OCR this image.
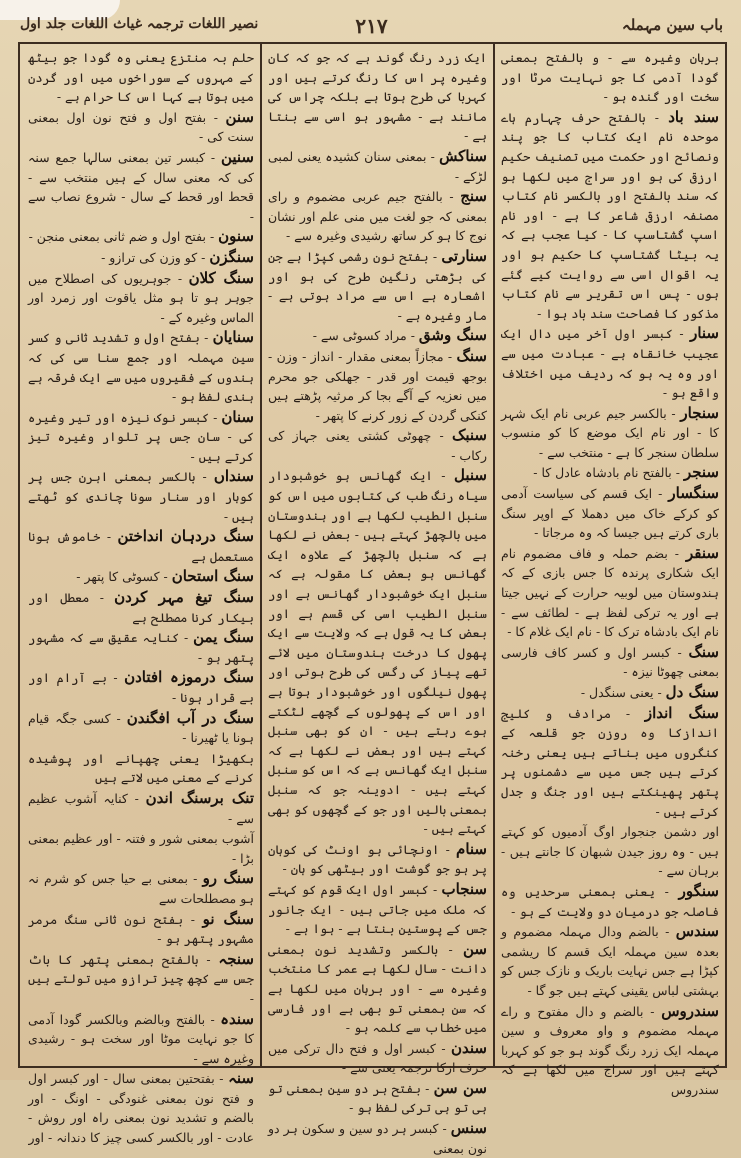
باب سین مہملہ
۲۱۷
نصیر اللغات ترجمہ غیاث اللغات جلد اول
برہان وغیرہ سے - و بالفتح بمعنی گودا آدمی کا جو نہایت مرٹا اور سخت اور گندہ ہو -
سند باد - بالفتح حرف چہارم ہاے موحدہ نام ایک کتاب کا جو پند ونصائح اور حکمت میں تصنیف حکیم ارزقی کی ہو اور سراج میں لکھا ہو کہ سند بالفتح اور بالکسر نام کتاب مصنفہ ارزقی شاعر کا ہے - اور نام اسپ گشتاسپ کا - کیا عجب ہے کہ یہ بیٹا گشتاسپ کا حکیم ہو اور یہ اقوال اسی سے روایت کیے گئے ہوں - پس اس تقریر سے نام کتاب مذکور کا فصاحت سند باد ہوا -
سنار - کبسر اول آخر میں دال ایک عجیب خانقاہ ہے - عبادت میں سے اور وہ یہ ہو کہ ردیف میں اختلاف واقع ہو -
سنجار - بالکسر جیم عربی نام ایک شہر کا - اور نام ایک موضع کا کو منسوب سلطان سنجر کا ہے - منتخب سے -
سنجر - بالفتح نام بادشاہ عادل کا -
سنگسار - ایک قسم کی سیاست آدمی کو کرکے خاک میں دھملا کے اوپر سنگ باری کرتے ہیں جیسا کہ وہ مرجاتا -
سنقر - بضم حملہ و فاف مضموم نام ایک شکاری پرندہ کا جس بازی کے کہ ہندوستان میں لوبیہ حرارت کے نہیں جیتا ہے اور یہ ترکی لفظ ہے - لطائف سے - نام ایک بادشاہ ترک کا - نام ایک غلام کا -
سنگ - کبسر اول و کسر کاف فارسی بمعنی چھوٹا نیزہ -
سنگ دل - یعنی سنگدل -
سنگ انداز - مرادف و کلیج اندازکا وہ روزن جو قلعہ کے کنگروں میں بناتے ہیں یعنی رخنہ کرتے ہیں جس میں سے دشمنوں پر پتھر پھینکتے ہیں اور جنگ و جدل کرتے ہیں -
اور دشمن جنجوار اوگ آدمیوں کو کہتے ہیں - وہ روز جیدن شبھان کا جانتے ہیں - برہان سے -
سنگور - یعنی بمعنی سرحدیں وہ فاصلہ جو درمیان دو ولایت کے ہو -
سندس - بالضم ودال مہملہ مضموم و بعدہ سین مہملہ ایک قسم کا ریشمی کپڑا ہے جس نہایت باریک و نازک جس کو بہشتی لباس یقینی کہتے ہیں جو گا -
سندروس - بالضم و دال مفتوح و راے مہملہ مضموم و واو معروف و سین مہملہ ایک زرد رنگ گوند ہو جو کو کہربا کہتے ہیں اور سراج میں لکھا ہے کہ سندروس
ایک زرد رنگ گوند ہے کہ جو کہ کان وغیرہ پر اس کا رنگ کرتے ہیں اور کہربا کی طرح ہوتا ہے بلکہ چراس کی مانند ہے - مشہور ہو اسی سے بنتا ہے -
سناکش - بمعنی سنان کشیدہ یعنی لمبی لڑکے -
سنج - بالفتح جیم عربی مضموم و رای بمعنی کہ جو لغت میں منی علم اور نشان نوج کا ہو کر ساتھ رشیدی وغیرہ سے -
سنارتی - بفتح نون رشمی کپڑا ہے جن کی بڑھتی رنگین طرح کی ہو اور اشعارہ ہے اس سے مراد ہوتی ہے - مار وغیرہ ہے -
سنگ وشق - مراد کسوٹی سے -
سنگ - مجازاً بمعنی مقدار - انداز - وزن - بوجھ قیمت اور قدر - جھلکی جو محرم میں نعزیہ کے آگے بجا کر مرثیہ پڑھتے ہیں کنکی گردن کے زور کرنے کا پتھر -
سنبک - چھوٹی کشتی یعنی جہاز کی رکاب -
سنبل - ایک گھانس ہو خوشبودار سیاہ رنگ طب کی کتابوں میں اس کو سنبل الطیب لکھا ہے اور ہندوستان میں بالچھڑ کہتے ہیں - بعض نے لکھا ہے کہ سنبل بالچھڑ کے علاوہ ایک گھانس ہو بعض کا مقولہ ہے کہ سنبل ایک خوشبودار گھانس ہے اور سنبل الطیب اسی کی قسم ہے اور بعض کا یہ قول ہے کہ ولایت سے ایک پھول کا درخت ہندوستان میں لائے تھے پیاز کی رگس کی طرح ہوتی اور پھول نیلگوں اور خوشبودار ہوتا ہے اور اس کے پھولوں کے گچھے لٹکتے ہوے رہتے ہیں - ان کو بھی سنبل کہتے ہیں اور بعض نے لکھا ہے کہ سنبل ایک گھانس ہے کہ اس کو سنبل کہتے ہیں - ادوینہ جو کہ سنبل بمعنی بالیں اور جو کے گچھوں کو بھی کہتے ہیں -
سنام - اونچائی ہو اونٹ کی کوہان پر ہو جو گوشت اور بیٹھی کو ہان -
سنجاب - کبسر اول ایک قوم کو کہتے کہ ملک میں جاتی ہیں - ایک جانور جس کے پوستین بنتا ہے - ہوا ہے -
سن - بالکسر وتشدید نون بمعنی دانت - سال لکھا ہے عمر کا منتخب وغیرہ سے - اور برہان میں لکھا ہے کہ سن بمعنی تو بھی ہے اور فارسی میں خطاب سے کلمہ ہو -
سندن - کبسر اول و فتح دال ترکی میں حرف ازکا ترجمہ یعنی سے -
سن سن - بفتح ہر دو سین بمعنی تو ہی تو ہی ترکی لفظ ہو -
سنس - کبسر ہر دو سین و سکون ہر دو نون بمعنی
حلم بہ منتزع یعنی وہ گودا جو بیٹھ کے مہروں کے سوراخوں میں اور گردن میں ہوتا ہے کہا اس کا حرام ہے -
سنن - بفتح اول و فتح نون اول بمعنی سنت کی -
سنین - کبسر تین بمعنی سالہا جمع سنہ کی کہ معنی سال کے ہیں منتخب سے - قحط اور قحط کے سال - شروع نصاب سے -
سنون - بفتح اول و ضم ثانی بمعنی منجن -
سنگزن - کو وزن کی ترازو -
سنگ کلان - جوہریوں کی اصطلاح میں جوہر ہو تا ہو مثل یاقوت اور زمرد اور الماس وغیرہ کے -
سنایان - بفتح اول و تشدید ثانی و کسر سین مہملہ اور جمع سنا سی کی کہ ہندوں کے فقیروں میں سے ایک فرقہ ہے ہندی لفظ ہو -
سنان - کبسر نوک نیزہ اور تیر وغیرہ کی - سان جس پر تلوار وغیرہ تیز کرتے ہیں -
سنداں - بالکسر بمعنی اہرن جس پر کوہار اور سنار سونا چاندی کو ٹھتے ہیں -
سنگ دردہان انداختن - خاموش ہونا مستعمل ہے
سنگ استحان - کسوٹی کا پتھر -
سنگ تیغ مہر کردن - معطل اور بیکار کرنا مصطلح ہے
سنگ یمن - کنایہ عقیق سے کہ مشہور پتھر ہو -
سنگ درموزہ افتادن - بے آرام اور بے قرار ہونا -
سنگ در آب افگندن - کسی جگہ قیام ہونا یا ٹھیرنا -
بکھیڑا یعنی چھپانے اور پوشیدہ کرنے کے معنی میں لاتے ہیں
تنک برسنگ اندن - کنایہ آشوب عظیم سے -
آشوب بمعنی شور و فتنہ - اور عظیم بمعنی بڑا -
سنگ رو - بمعنی بے حیا جس کو شرم نہ ہو مصطلحات سے
سنگ نو - بفتح نون ثانی سنگ مرمر مشہور پتھر ہو -
سنجہ - بالفتح بمعنی پتھر کا باٹ جس سے کچھ چیز ترازو میں تولتے ہیں -
سندہ - بالفتح وبالضم وبالکسر گودا آدمی کا جو نہایت موٹا اور سخت ہو - رشیدی وغیرہ سے -
سنہ - بفتحتین بمعنی سال - اور کبسر اول و فتح نون بمعنی غنودگی - اونگ - اور بالضم و تشدید نون بمعنی راہ اور روش - عادت - اور بالکسر کسی چیز کا دندانہ - اور
